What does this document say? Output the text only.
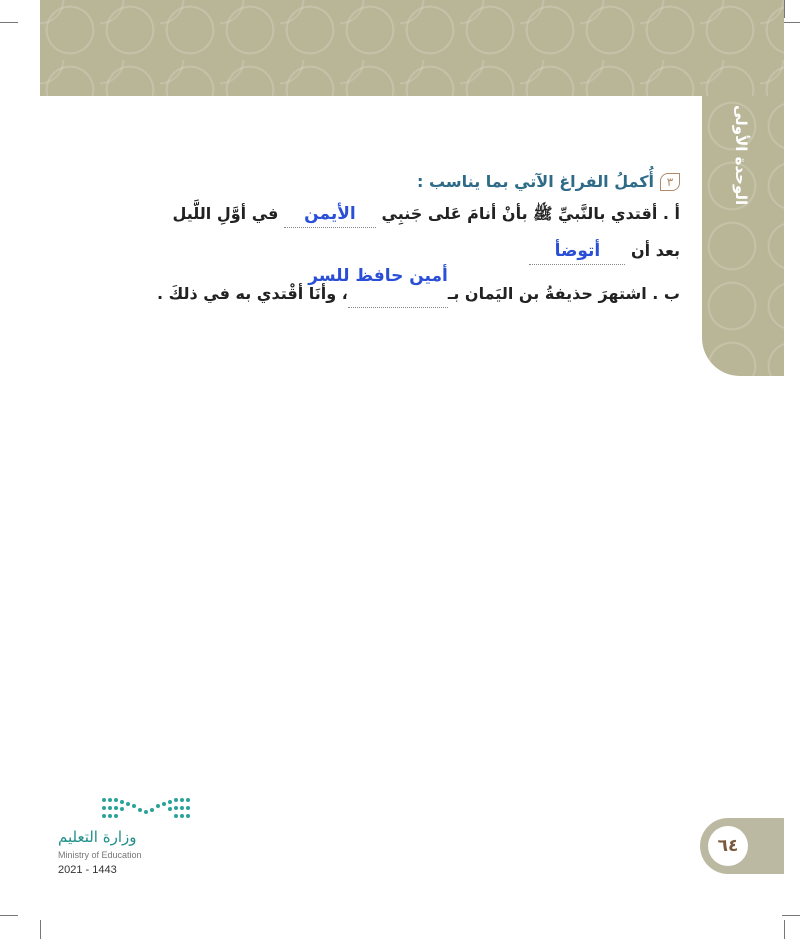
الوحدة الأولى
٣
أُكملُ الفراغ الآتي بما يناسب :
أ . أقتدي بالنَّبيِّ ﷺ بأنْ أنامَ عَلى جَنبِي الأيمن في أوَّلِ اللَّيل
بعد أن أتوضأ
ب . اشتهرَ حذيفةُ بن اليَمان بـ
أمين حافظ للسر
، وأنَا أقْتدي به في ذلكَ .
٦٤
وزارة التعليم
Ministry of Education
2021 - 1443
